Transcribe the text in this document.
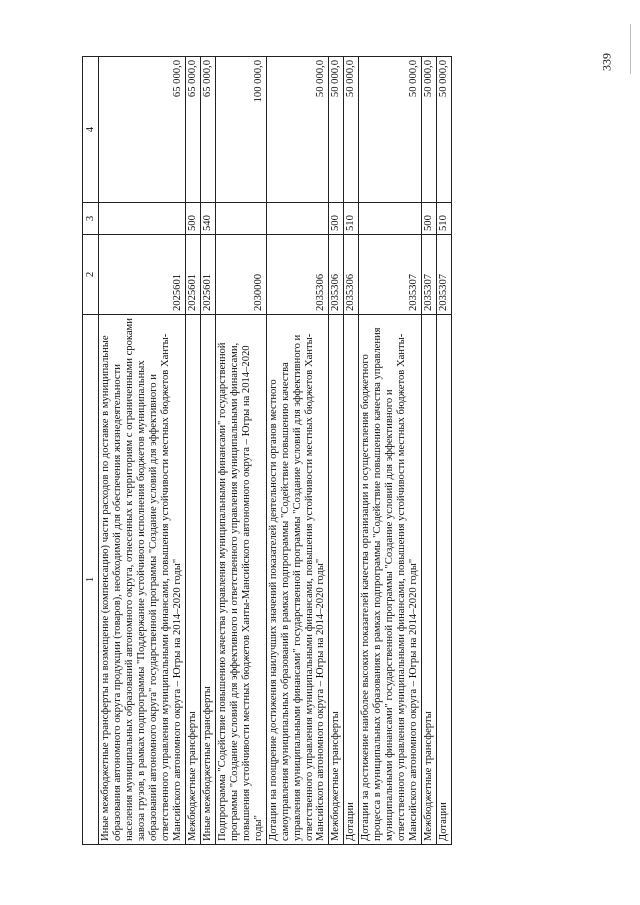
339
1	2	3	4
Иные межбюджетные трансферты на возмещение (компенсацию) части расходов по доставке в муниципальные образования автономного округа продукции (товаров), необходимой для обеспечения жизнедеятельности населения муниципальных образований автономного округа, отнесенных к территориям с ограниченными сроками завоза грузов, в рамках подпрограммы "Поддержание устойчивого исполнения бюджетов муниципальных образований автономного округа" государственной программы "Создание условий для эффективного и ответственного управления муниципальными финансами, повышения устойчивости местных бюджетов Ханты-Мансийского автономного округа – Югры на 2014–2020 годы"	2025601		65 000,0
Межбюджетные трансферты	2025601	500	65 000,0
Иные межбюджетные трансферты	2025601	540	65 000,0
Подпрограмма "Содействие повышению качества управления муниципальными финансами" государственной программы "Создание условий для эффективного и ответственного управления муниципальными финансами, повышения устойчивости местных бюджетов Ханты-Мансийского автономного округа – Югры на 2014–2020 годы"	2030000		100 000,0
Дотации на поощрение достижения наилучших значений показателей деятельности органов местного самоуправления муниципальных образований в рамках подпрограммы "Содействие повышению качества управления муниципальными финансами" государственной программы "Создание условий для эффективного и ответственного управления муниципальными финансами, повышения устойчивости местных бюджетов Ханты-Мансийского автономного округа – Югры на 2014–2020 годы"	2035306		50 000,0
Межбюджетные трансферты	2035306	500	50 000,0
Дотации	2035306	510	50 000,0
Дотации за достижение наиболее высоких показателей качества организации и осуществления бюджетного процесса в муниципальных образованиях в рамках подпрограммы "Содействие повышению качества управления муниципальными финансами" государственной программы "Создание условий для эффективного и ответственного управления муниципальными финансами, повышения устойчивости местных бюджетов Ханты-Мансийского автономного округа – Югры на 2014–2020 годы"	2035307		50 000,0
Межбюджетные трансферты	2035307	500	50 000,0
Дотации	2035307	510	50 000,0
